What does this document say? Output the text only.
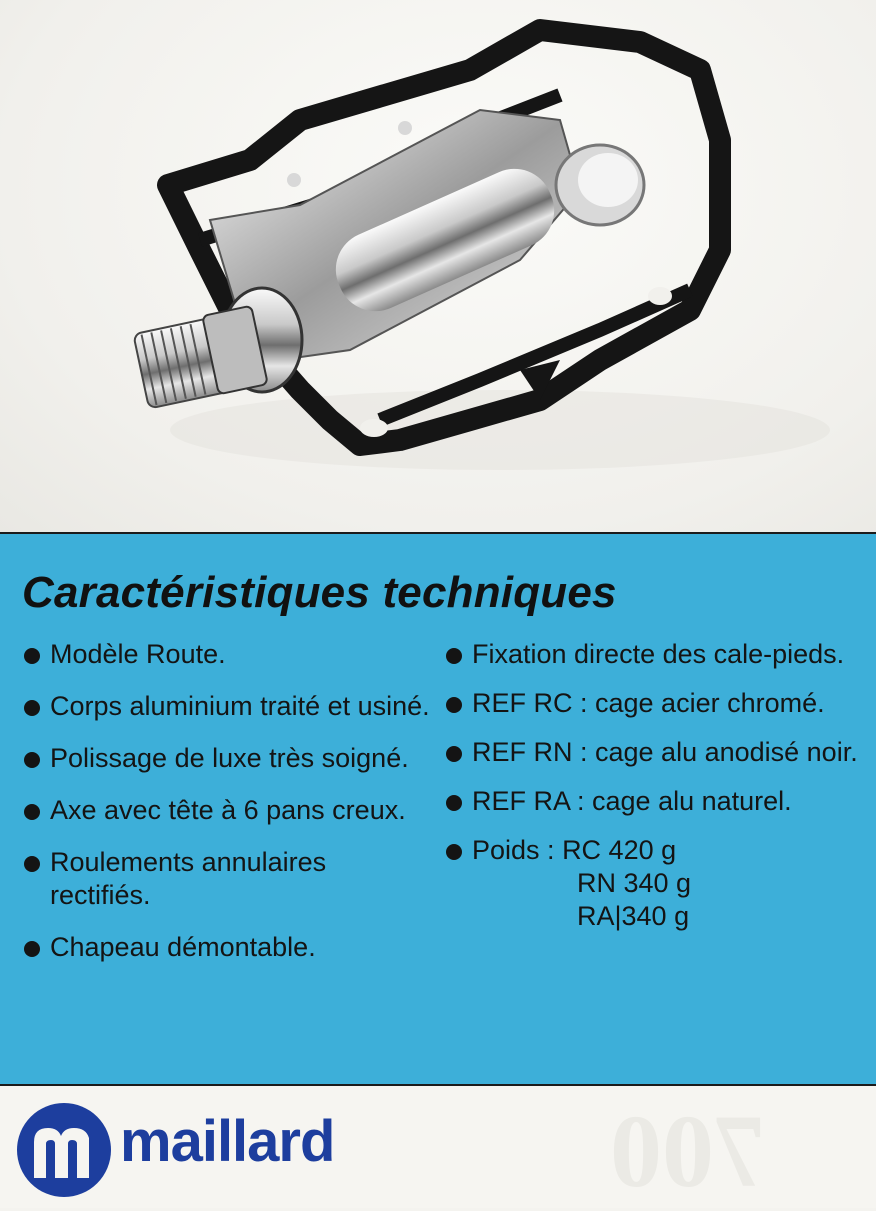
Caractéristiques techniques
Modèle Route.
Corps aluminium traité et usiné.
Polissage de luxe très soigné.
Axe avec tête à 6 pans creux.
Roulements annulaires rectifiés.
Chapeau démontable.
Fixation directe des cale-pieds.
REF RC : cage acier chromé.
REF RN : cage alu anodisé noir.
REF RA : cage alu naturel.
Poids : RC 420 g
RN 340 g
RA|340 g
700
maillard
